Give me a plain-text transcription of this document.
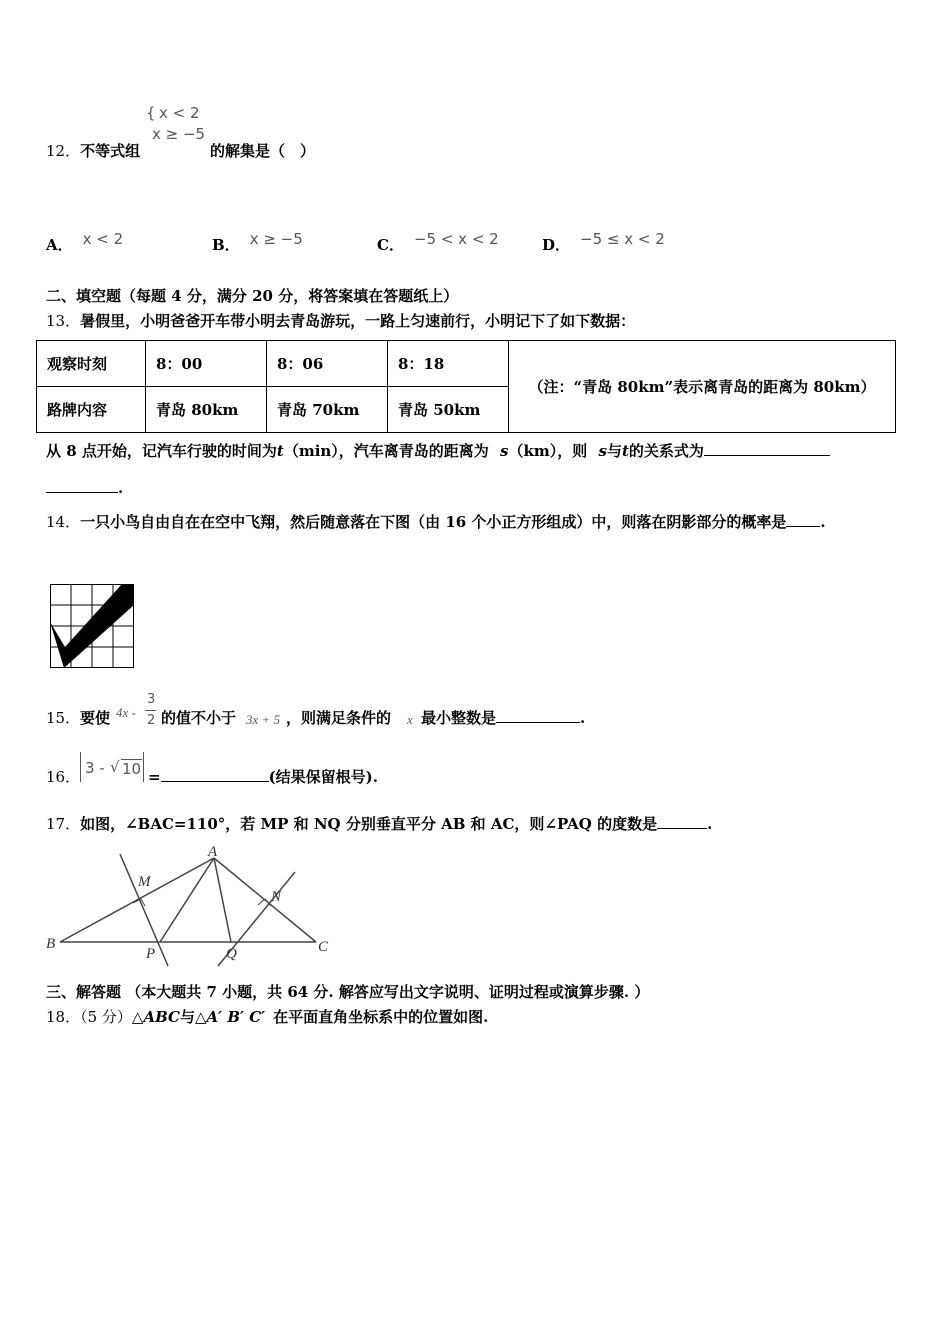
{ x < 2
x ≥ −5
12．不等式组	的解集是（　）
A． x < 2	B． x ≥ −5	C． −5 < x < 2	D． −5 ≤ x < 2
二、填空题（每题 4 分，满分 20 分，将答案填在答题纸上）
13．暑假里，小明爸爸开车带小明去青岛游玩，一路上匀速前行，小明记下了如下数据：
观察时刻	8：00	8：06	8：18	（注：“青岛 80km”表示离青岛的距离为 80km）
路牌内容	青岛 80km	青岛 70km	青岛 50km	
从 8 点开始，记汽车行驶的时间为t（min），汽车离青岛的距离为 s（km），则 s与t的关系式为
.
14．一只小鸟自由自在在空中飞翔，然后随意落在下图（由 16 个小正方形组成）中，则落在阴影部分的概率是 .
15． 要使 4x -
3
2 的值不小于 3x + 5 ，则满足条件的 x 最小整数是	.
16． 3 - √ 10 =	(结果保留根号).
17．如图，∠BAC=110°，若 MP 和 NQ 分别垂直平分 AB 和 AC，则∠PAQ 的度数是	.
A
B	C
M
N
P	Q
三、解答题 （本大题共 7 小题，共 64 分. 解答应写出文字说明、证明过程或演算步骤. ）
18．（5 分）△ABC与△A′ B′ C′ 在平面直角坐标系中的位置如图.
